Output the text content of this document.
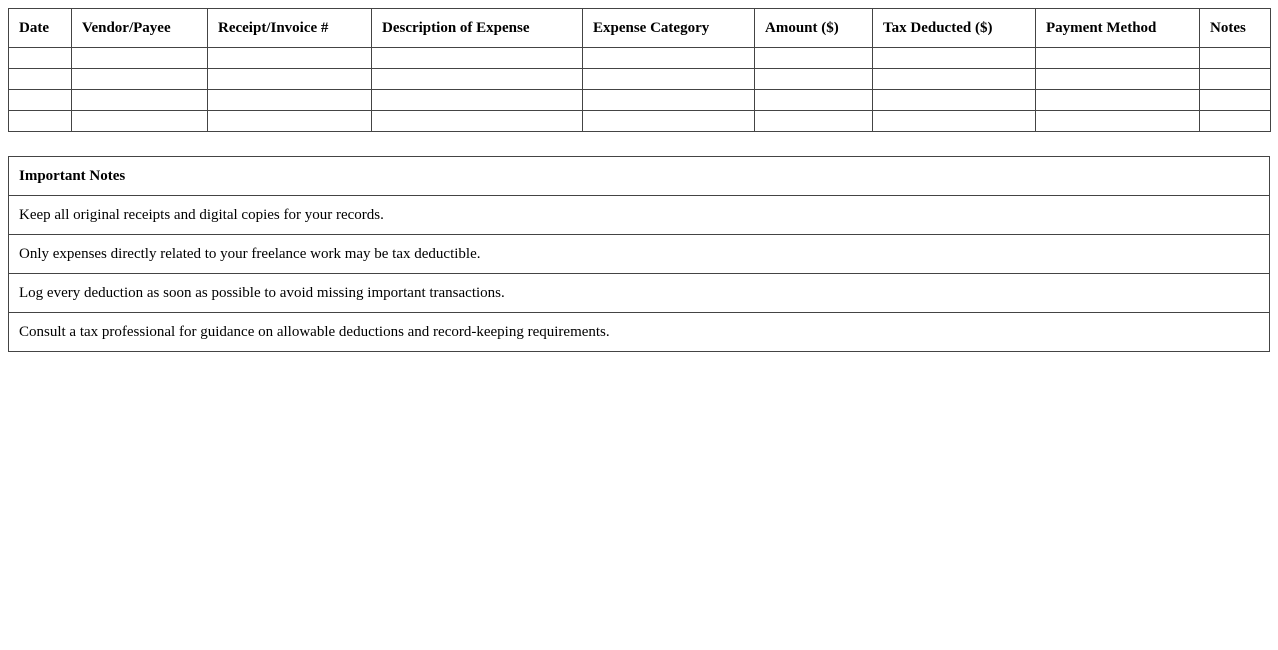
Date	Vendor/Payee	Receipt/Invoice #	Description of Expense	Expense Category	Amount ($)	Tax Deducted ($)	Payment Method	Notes

Important Notes
Keep all original receipts and digital copies for your records.
Only expenses directly related to your freelance work may be tax deductible.
Log every deduction as soon as possible to avoid missing important transactions.
Consult a tax professional for guidance on allowable deductions and record-keeping requirements.
